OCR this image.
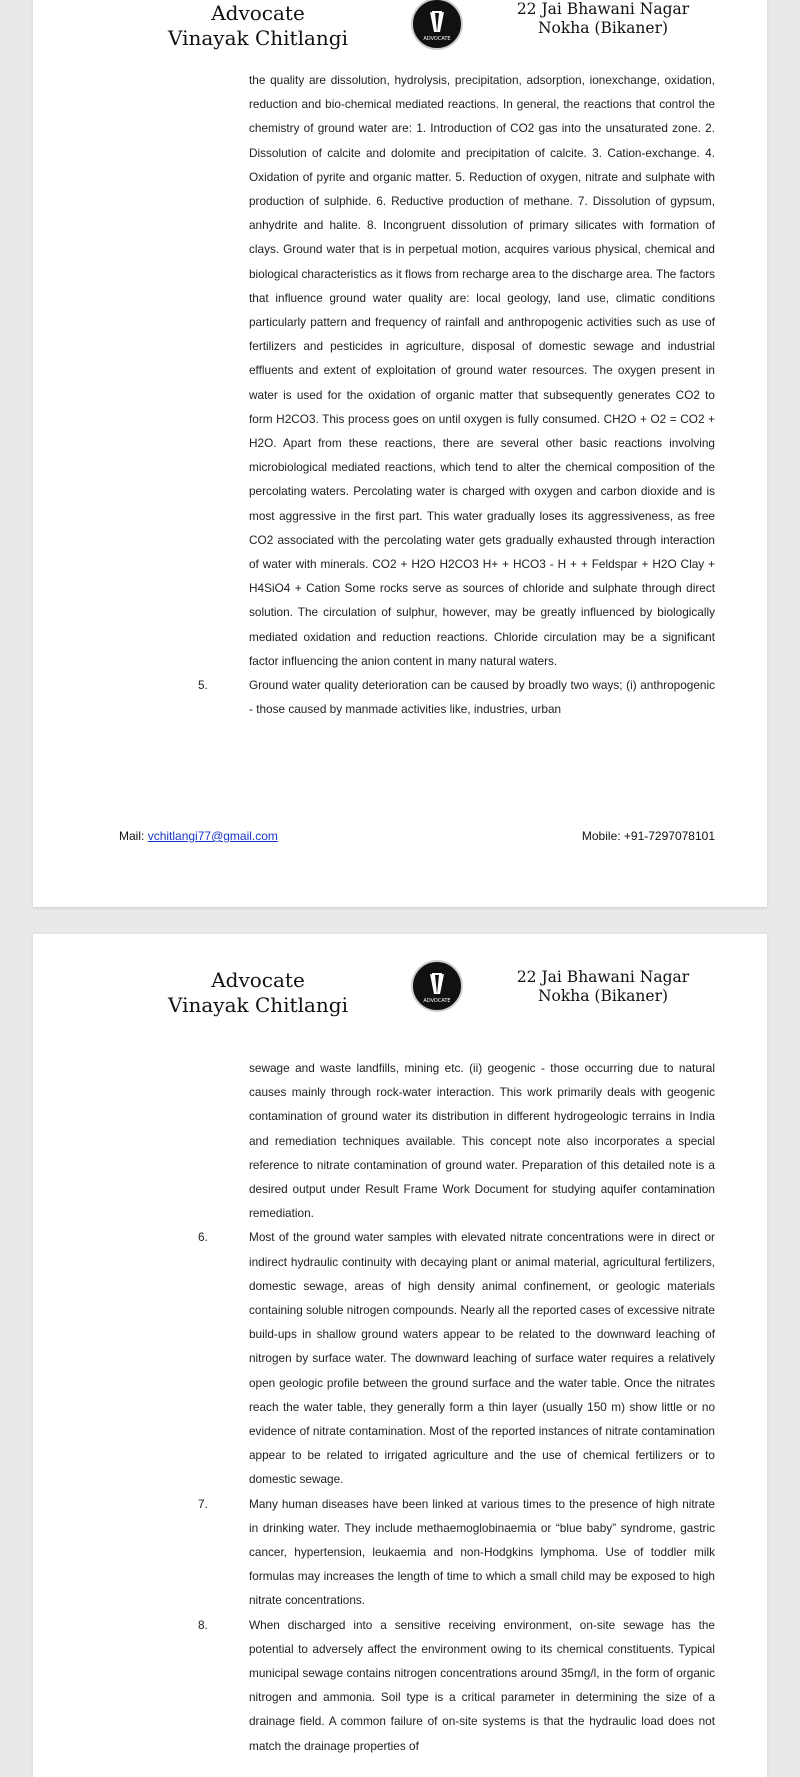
Advocate
Vinayak Chitlangi	ADVOCATE
22 Jai Bhawani Nagar
Nokha (Bikaner)

the quality are dissolution, hydrolysis, precipitation, adsorption, ionexchange, oxidation, reduction and bio-chemical mediated reactions. In general, the reactions that control the chemistry of ground water are: 1. Introduction of CO2 gas into the unsaturated zone. 2. Dissolution of calcite and dolomite and precipitation of calcite. 3. Cation-exchange. 4. Oxidation of pyrite and organic matter. 5. Reduction of oxygen, nitrate and sulphate with production of sulphide. 6. Reductive production of methane. 7. Dissolution of gypsum, anhydrite and halite. 8. Incongruent dissolution of primary silicates with formation of clays. Ground water that is in perpetual motion, acquires various physical, chemical and biological characteristics as it flows from recharge area to the discharge area. The factors that influence ground water quality are: local geology, land use, climatic conditions particularly pattern and frequency of rainfall and anthropogenic activities such as use of fertilizers and pesticides in agriculture, disposal of domestic sewage and industrial effluents and extent of exploitation of ground water resources. The oxygen present in water is used for the oxidation of organic matter that subsequently generates CO2 to form H2CO3. This process goes on until oxygen is fully consumed. CH2O + O2 = CO2 + H2O. Apart from these reactions, there are several other basic reactions involving microbiological mediated reactions, which tend to alter the chemical composition of the percolating waters. Percolating water is charged with oxygen and carbon dioxide and is most aggressive in the first part. This water gradually loses its aggressiveness, as free CO2 associated with the percolating water gets gradually exhausted through interaction of water with minerals. CO2 + H2O H2CO3 H+ + HCO3 - H + + Feldspar + H2O Clay + H4SiO4 + Cation Some rocks serve as sources of chloride and sulphate through direct solution. The circulation of sulphur, however, may be greatly influenced by biologically mediated oxidation and reduction reactions. Chloride circulation may be a significant factor influencing the anion content in many natural waters.

5.	Ground water quality deterioration can be caused by broadly two ways; (i) anthropogenic - those caused by manmade activities like, industries, urban

Mail: vchitlangi77@gmail.com	Mobile: +91-7297078101
Advocate
Vinayak Chitlangi	ADVOCATE
22 Jai Bhawani Nagar
Nokha (Bikaner)

sewage and waste landfills, mining etc. (ii) geogenic - those occurring due to natural causes mainly through rock-water interaction. This work primarily deals with geogenic contamination of ground water its distribution in different hydrogeologic terrains in India and remediation techniques available. This concept note also incorporates a special reference to nitrate contamination of ground water. Preparation of this detailed note is a desired output under Result Frame Work Document for studying aquifer contamination remediation.

6.	Most of the ground water samples with elevated nitrate concentrations were in direct or indirect hydraulic continuity with decaying plant or animal material, agricultural fertilizers, domestic sewage, areas of high density animal confinement, or geologic materials containing soluble nitrogen compounds. Nearly all the reported cases of excessive nitrate build-ups in shallow ground waters appear to be related to the downward leaching of nitrogen by surface water. The downward leaching of surface water requires a relatively open geologic profile between the ground surface and the water table. Once the nitrates reach the water table, they generally form a thin layer (usually 150 m) show little or no evidence of nitrate contamination. Most of the reported instances of nitrate contamination appear to be related to irrigated agriculture and the use of chemical fertilizers or to domestic sewage.

7.	Many human diseases have been linked at various times to the presence of high nitrate in drinking water. They include methaemoglobinaemia or “blue baby” syndrome, gastric cancer, hypertension, leukaemia and non-Hodgkins lymphoma. Use of toddler milk formulas may increases the length of time to which a small child may be exposed to high nitrate concentrations.

8.	When discharged into a sensitive receiving environment, on-site sewage has the potential to adversely affect the environment owing to its chemical constituents. Typical municipal sewage contains nitrogen concentrations around 35mg/l, in the form of organic nitrogen and ammonia. Soil type is a critical parameter in determining the size of a drainage field. A common failure of on-site systems is that the hydraulic load does not match the drainage properties of
